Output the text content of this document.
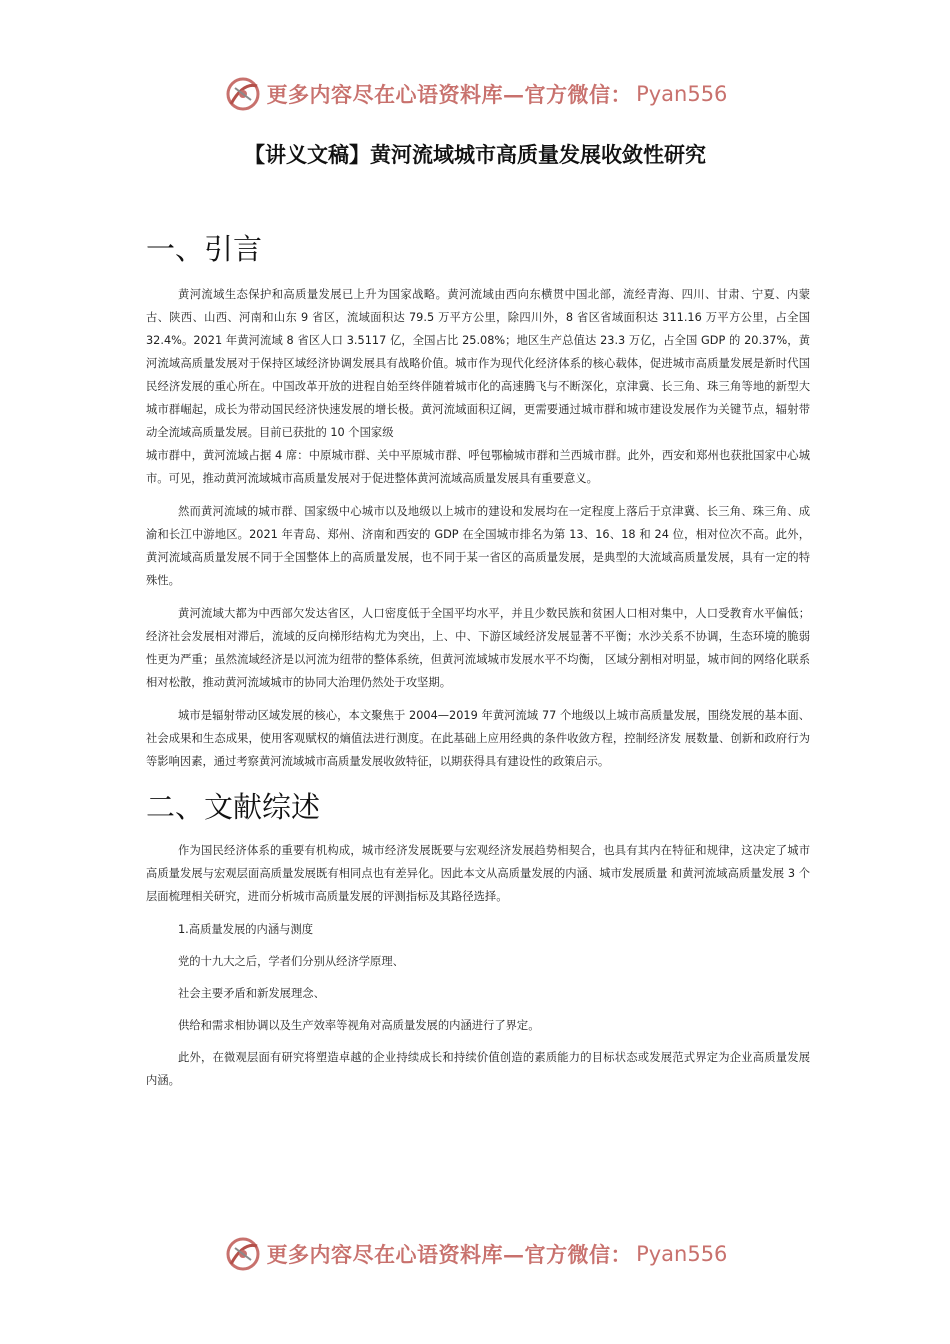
更多内容尽在心语资料库—官方微信： Pyan556
【讲义文稿】黄河流域城市高质量发展收敛性研究
一、引言

黄河流域生态保护和高质量发展已上升为国家战略。黄河流域由西向东横贯中国北部，流经青海、四川、甘肃、宁夏、内蒙古、陕西、山西、河南和山东 9 省区，流域面积达 79.5 万平方公里，除四川外，8 省区省域面积达 311.16 万平方公里，占全国 32.4%。2021 年黄河流域 8 省区人口 3.5117 亿，全国占比 25.08%；地区生产总值达 23.3 万亿，占全国 GDP 的 20.37%，黄河流域高质量发展对于保持区域经济协调发展具有战略价值。城市作为现代化经济体系的核心载体，促进城市高质量发展是新时代国民经济发展的重心所在。中国改革开放的进程自始至终伴随着城市化的高速腾飞与不断深化，京津冀、长三角、珠三角等地的新型大城市群崛起，成长为带动国民经济快速发展的增长极。黄河流域面积辽阔，更需要通过城市群和城市建设发展作为关键节点，辐射带动全流域高质量发展。目前已获批的 10 个国家级

城市群中，黄河流域占据 4 席：中原城市群、关中平原城市群、呼包鄂榆城市群和兰西城市群。此外，西安和郑州也获批国家中心城市。可见，推动黄河流域城市高质量发展对于促进整体黄河流域高质量发展具有重要意义。

然而黄河流域的城市群、国家级中心城市以及地级以上城市的建设和发展均在一定程度上落后于京津冀、长三角、珠三角、成渝和长江中游地区。2021 年青岛、郑州、济南和西安的 GDP 在全国城市排名为第 13、16、18 和 24 位，相对位次不高。此外，黄河流域高质量发展不同于全国整体上的高质量发展，也不同于某一省区的高质量发展，是典型的大流域高质量发展，具有一定的特殊性。

黄河流域大都为中西部欠发达省区，人口密度低于全国平均水平，并且少数民族和贫困人口相对集中，人口受教育水平偏低；经济社会发展相对滞后，流域的反向梯形结构尤为突出，上、中、下游区域经济发展显著不平衡；水沙关系不协调，生态环境的脆弱性更为严重；虽然流域经济是以河流为纽带的整体系统，但黄河流域城市发展水平不均衡， 区域分割相对明显，城市间的网络化联系相对松散，推动黄河流域城市的协同大治理仍然处于攻坚期。

城市是辐射带动区域发展的核心，本文聚焦于 2004—2019 年黄河流域 77 个地级以上城市高质量发展，围绕发展的基本面、社会成果和生态成果，使用客观赋权的熵值法进行测度。在此基础上应用经典的条件收敛方程，控制经济发 展数量、创新和政府行为等影响因素，通过考察黄河流域城市高质量发展收敛特征，以期获得具有建设性的政策启示。

二、文献综述

作为国民经济体系的重要有机构成，城市经济发展既要与宏观经济发展趋势相契合，也具有其内在特征和规律，这决定了城市高质量发展与宏观层面高质量发展既有相同点也有差异化。因此本文从高质量发展的内涵、城市发展质量 和黄河流域高质量发展 3 个层面梳理相关研究，进而分析城市高质量发展的评测指标及其路径选择。

1.高质量发展的内涵与测度

党的十九大之后，学者们分别从经济学原理、

社会主要矛盾和新发展理念、

供给和需求相协调以及生产效率等视角对高质量发展的内涵进行了界定。

此外，在微观层面有研究将塑造卓越的企业持续成长和持续价值创造的素质能力的目标状态或发展范式界定为企业高质量发展内涵。

更多内容尽在心语资料库—官方微信： Pyan556
